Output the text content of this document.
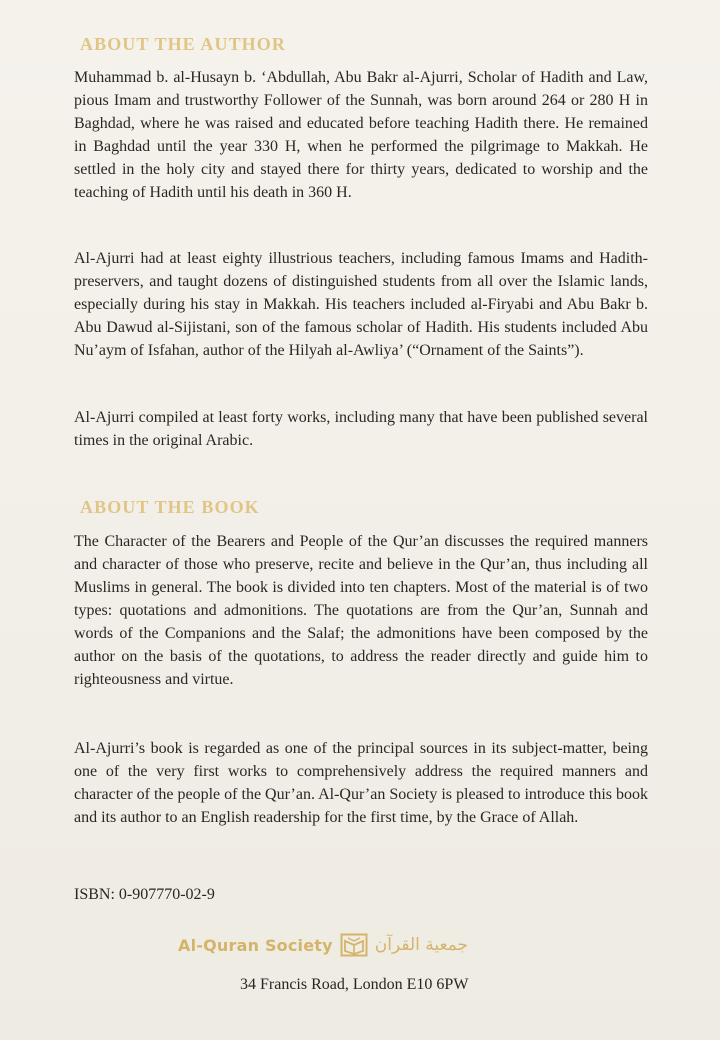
ABOUT THE AUTHOR

Muhammad b. al-Husayn b. ‘Abdullah, Abu Bakr al-Ajurri, Scholar of Hadith and Law, pious Imam and trustworthy Follower of the Sunnah, was born around 264 or 280 H in Baghdad, where he was raised and educated before teaching Hadith there. He remained in Baghdad until the year 330 H, when he performed the pilgrimage to Makkah. He settled in the holy city and stayed there for thirty years, dedicated to worship and the teaching of Hadith until his death in 360 H.

Al-Ajurri had at least eighty illustrious teachers, including famous Imams and Hadith-preservers, and taught dozens of distinguished students from all over the Islamic lands, especially during his stay in Makkah. His teachers included al-Firyabi and Abu Bakr b. Abu Dawud al-Sijistani, son of the famous scholar of Hadith. His students included Abu Nu’aym of Isfahan, author of the Hilyah al-Awliya’ (“Ornament of the Saints”).

Al-Ajurri compiled at least forty works, including many that have been published several times in the original Arabic.

ABOUT THE BOOK

The Character of the Bearers and People of the Qur’an discusses the required manners and character of those who preserve, recite and believe in the Qur’an, thus including all Muslims in general. The book is divided into ten chapters. Most of the material is of two types: quotations and admonitions. The quotations are from the Qur’an, Sunnah and words of the Companions and the Salaf; the admonitions have been composed by the author on the basis of the quotations, to address the reader directly and guide him to righteousness and virtue.

Al-Ajurri’s book is regarded as one of the principal sources in its subject-matter, being one of the very first works to comprehensively address the required manners and character of the people of the Qur’an. Al-Qur’an Society is pleased to introduce this book and its author to an English readership for the first time, by the Grace of Allah.

ISBN: 0-907770-02-9

Al-Quran Society جمعية القرآن

34 Francis Road, London E10 6PW
